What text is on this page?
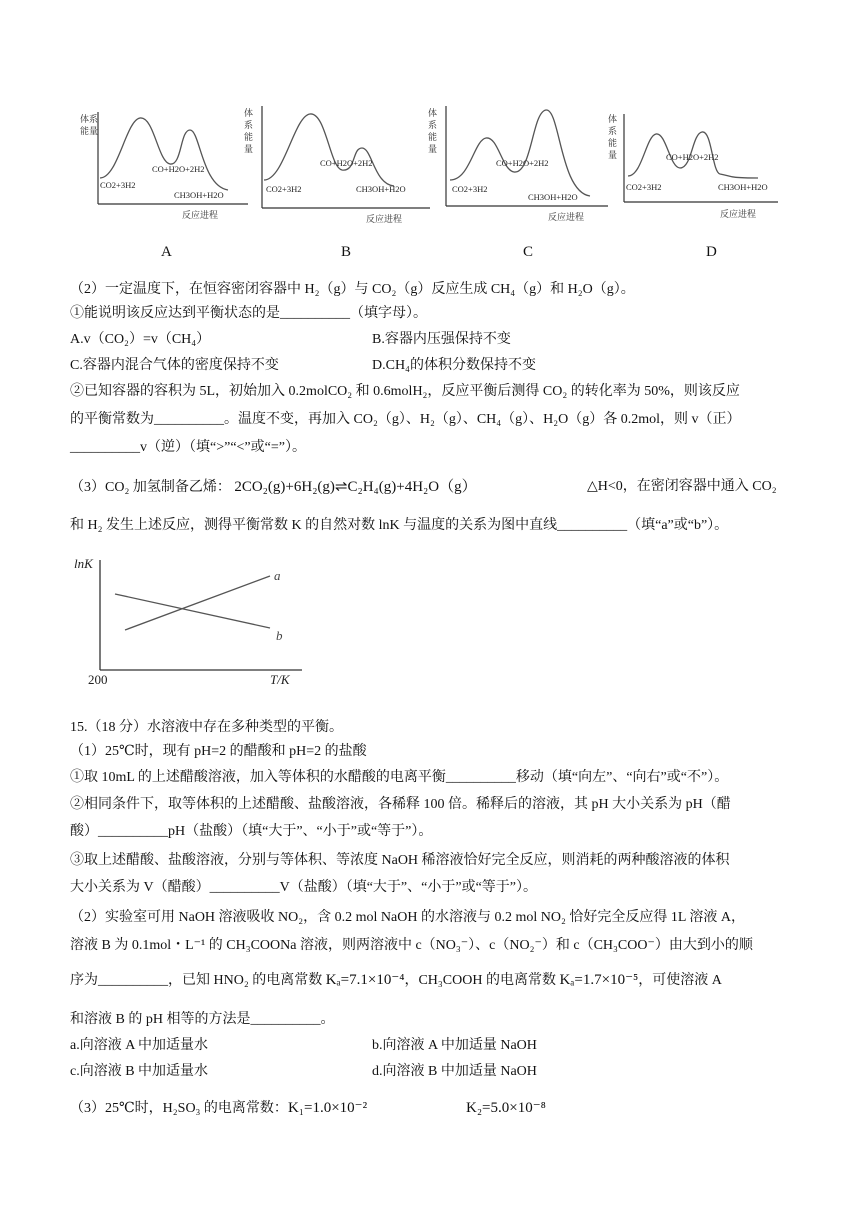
体系
能量
CO+H2O+2H2
CO2+3H2
CH3OH+H2O
反应进程
体
系
能
量
CO+H2O+2H2
CO2+3H2	CH3OH+H2O
反应进程
体
系
能
量
CO+H2O+2H2
CO2+3H2
CH3OH+H2O
反应进程
体
系
能
量	CO+H2O+2H2
CO2+3H2	CH3OH+H2O
反应进程
A	B	C	D
（2）一定温度下，在恒容密闭容器中 H₂（g）与 CO₂（g）反应生成 CH₄（g）和 H₂O（g）。
①能说明该反应达到平衡状态的是__________（填字母）。
A.v（CO₂）=v（CH₄）	B.容器内压强保持不变
C.容器内混合气体的密度保持不变	D.CH₄的体积分数保持不变
②已知容器的容积为 5L，初始加入 0.2molCO₂ 和 0.6molH₂，反应平衡后测得 CO₂ 的转化率为 50%，则该反应
的平衡常数为__________。温度不变，再加入 CO₂（g）、H₂（g）、CH₄（g）、H₂O（g）各 0.2mol，则 v（正）
__________v（逆）（填“>”“<”或“=”）。
（3）CO₂ 加氢制备乙烯： 2CO₂(g)+6H₂(g)⇌C₂H₄(g)+4H₂O（g）	△H<0，在密闭容器中通入 CO₂
和 H₂ 发生上述反应，测得平衡常数 K 的自然对数 lnK 与温度的关系为图中直线__________（填“a”或“b”）。
lnK
T/K
200
a
b
15.（18 分）水溶液中存在多种类型的平衡。
（1）25℃时，现有 pH=2 的醋酸和 pH=2 的盐酸
①取 10mL 的上述醋酸溶液，加入等体积的水醋酸的电离平衡__________移动（填“向左”、“向右”或“不”）。
②相同条件下，取等体积的上述醋酸、盐酸溶液，各稀释 100 倍。稀释后的溶液，其 pH 大小关系为 pH（醋
酸）__________pH（盐酸）（填“大于”、“小于”或“等于”）。
③取上述醋酸、盐酸溶液，分别与等体积、等浓度 NaOH 稀溶液恰好完全反应，则消耗的两种酸溶液的体积
大小关系为 V（醋酸）__________V（盐酸）（填“大于”、“小于”或“等于”）。
（2）实验室可用 NaOH 溶液吸收 NO₂，含 0.2 mol NaOH 的水溶液与 0.2 mol NO₂ 恰好完全反应得 1L 溶液 A，
溶液 B 为 0.1mol・L⁻¹ 的 CH₃COONa 溶液，则两溶液中 c（NO₃⁻）、c（NO₂⁻）和 c（CH₃COO⁻）由大到小的顺
序为__________，已知 HNO₂ 的电离常数 Kₐ=7.1×10⁻⁴，CH₃COOH 的电离常数 Kₐ=1.7×10⁻⁵，可使溶液 A
和溶液 B 的 pH 相等的方法是__________。
a.向溶液 A 中加适量水	b.向溶液 A 中加适量 NaOH
c.向溶液 B 中加适量水	d.向溶液 B 中加适量 NaOH
（3）25℃时，H₂SO₃ 的电离常数：K₁=1.0×10⁻²	K₂=5.0×10⁻⁸
